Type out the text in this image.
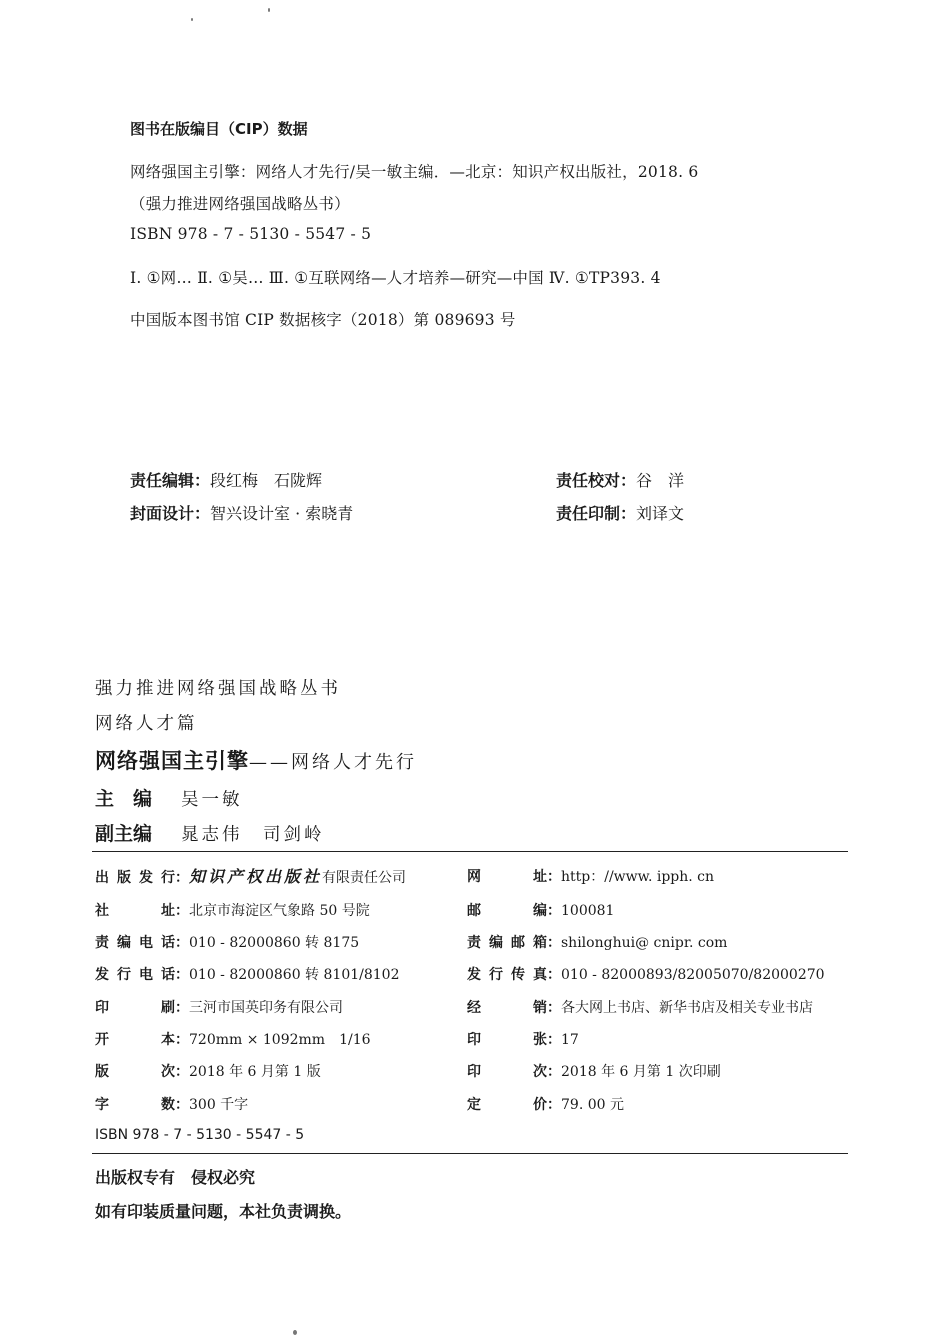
图书在版编目（CIP）数据
网络强国主引擎：网络人才先行/吴一敏主编．—北京：知识产权出版社，2018. 6
（强力推进网络强国战略丛书）
ISBN 978 - 7 - 5130 - 5547 - 5
Ⅰ. ①网… Ⅱ. ①吴… Ⅲ. ①互联网络—人才培养—研究—中国 Ⅳ. ①TP393. 4
中国版本图书馆 CIP 数据核字（2018）第 089693 号
责任编辑：段红梅　石陇辉	责任校对：谷　洋
封面设计：智兴设计室 · 索晓青	责任印制：刘译文
强力推进网络强国战略丛书
网络人才篇
网络强国主引擎——网络人才先行
主　编 吴一敏
副主编 晁志伟　司剑岭
出版发行：知识产权出版社有限责任公司	网　　址：http：//www. ipph. cn
社　　址：北京市海淀区气象路 50 号院	邮　　编：100081
责编电话：010 - 82000860 转 8175	责编邮箱：shilonghui@ cnipr. com
发行电话：010 - 82000860 转 8101/8102	发行传真：010 - 82000893/82005070/82000270
印　　刷：三河市国英印务有限公司	经　　销：各大网上书店、新华书店及相关专业书店
开　　本：720mm × 1092mm　1/16	印　　张：17
版　　次：2018 年 6 月第 1 版	印　　次：2018 年 6 月第 1 次印刷
字　　数：300 千字	定　　价：79. 00 元
ISBN 978 - 7 - 5130 - 5547 - 5
出版权专有　侵权必究
如有印装质量问题，本社负责调换。
